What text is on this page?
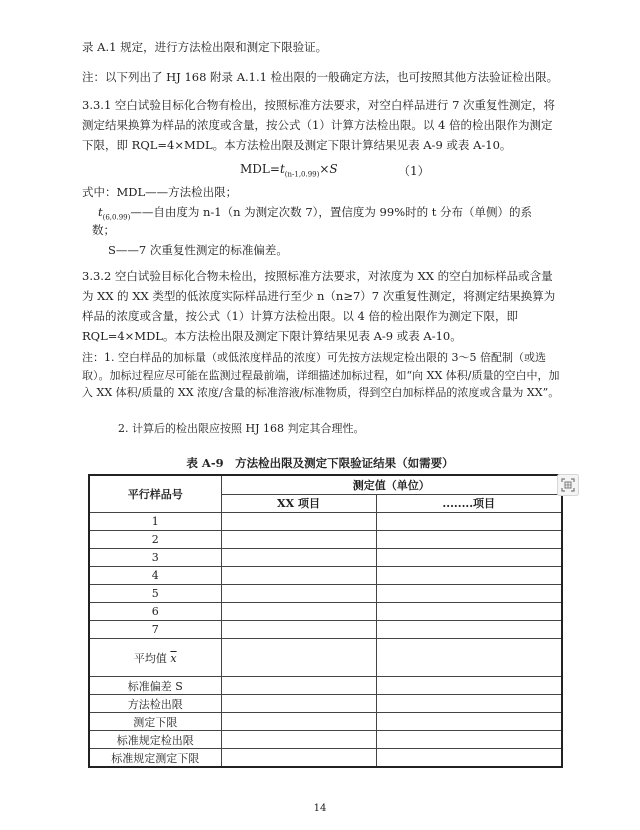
录 A.1 规定，进行方法检出限和测定下限验证。

注：以下列出了 HJ 168 附录 A.1.1 检出限的一般确定方法，也可按照其他方法验证检出限。

3.3.1 空白试验目标化合物有检出，按照标准方法要求，对空白样品进行 7 次重复性测定，将测定结果换算为样品的浓度或含量，按公式（1）计算方法检出限。以 4 倍的检出限作为测定下限，即 RQL=4×MDL。本方法检出限及测定下限计算结果见表 A-9 或表 A-10。

$MDL=t_{(n-1,0.99)}\times S$	（1）

式中：MDL——方法检出限；

$t_{(6,0.99)}——$自由度为 n-1（n 为测定次数 7），置信度为 99%时的 t 分布（单侧）的系

数；

S——7 次重复性测定的标准偏差。

3.3.2 空白试验目标化合物未检出，按照标准方法要求，对浓度为 XX 的空白加标样品或含量为 XX 的 XX 类型的低浓度实际样品进行至少 n（n≥7）7 次重复性测定，将测定结果换算为样品的浓度或含量，按公式（1）计算方法检出限。以 4 倍的检出限作为测定下限，即 RQL=4×MDL。本方法检出限及测定下限计算结果见表 A-9 或表 A-10。

注：1. 空白样品的加标量（或低浓度样品的浓度）可先按方法规定检出限的 3～5 倍配制（或选取）。加标过程应尽可能在监测过程最前端，详细描述加标过程，如“向 XX 体积/质量的空白中，加入 XX 体积/质量的 XX 浓度/含量的标准溶液/标准物质，得到空白加标样品的浓度或含量为 XX”。

2. 计算后的检出限应按照 HJ 168 判定其合理性。

表 A-9　方法检出限及测定下限验证结果（如需要）
平行样品号	测定值（单位）	
	XX 项目	........项目
1		
2		
3		
4		
5		
6		
7		
平均值 $\overline{x}$		
标准偏差 S		
方法检出限		
测定下限		
标准规定检出限		
标准规定测定下限		
14
